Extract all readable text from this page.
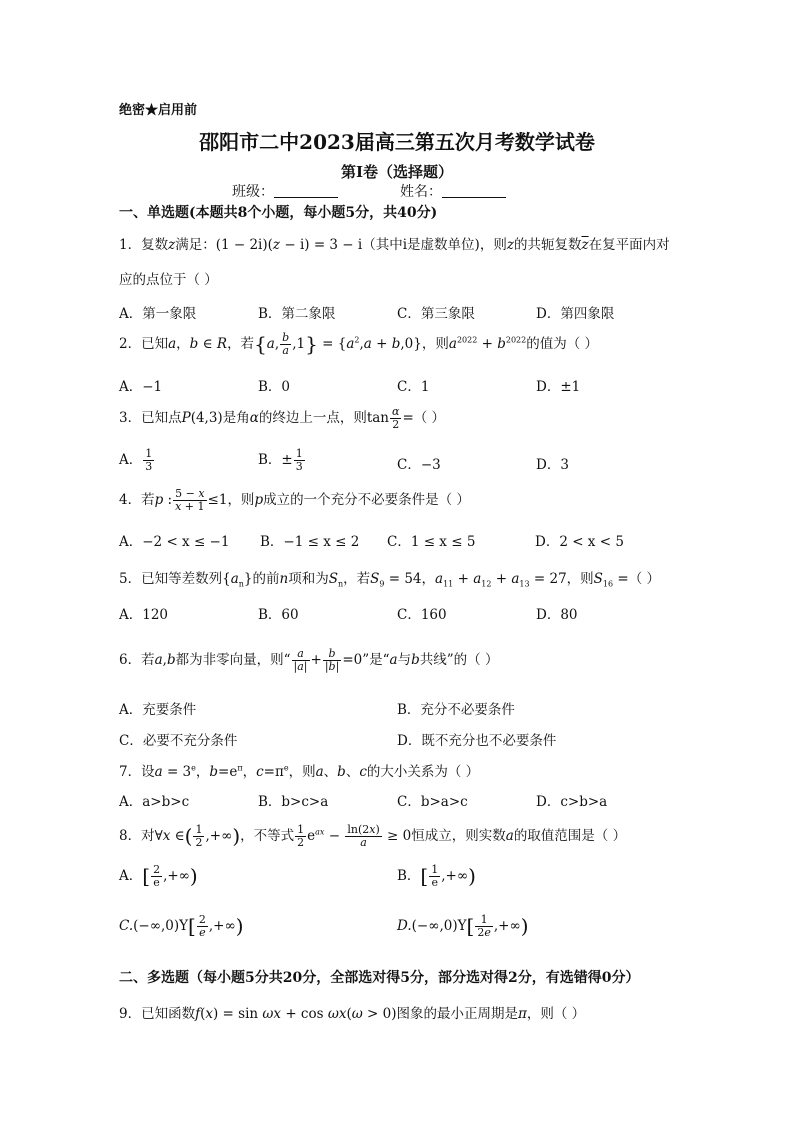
绝密★启用前
邵阳市二中2023届高三第五次月考数学试卷
第Ⅰ卷（选择题）
班级：	姓名：
一、单选题(本题共8个小题，每小题5分，共40分)
1．复数z满足：(1 − 2i)(z − i) = 3 − i（其中i是虚数单位)，则z的共轭复数$\overline{z}$在复平面内对
应的点位于（ ）
A．第一象限	B．第二象限	C．第三象限	D．第四象限
2．已知a，b ∈ R，若{a, $\frac{b}{a} ,1\} = \{a^2,a + b,0\}$，则$a^{2022} + b^{2022}$的值为（ ）
A．−1	B．0	C．1	D．±1
3．已知点P(4,3)是角α的终边上一点，则$\tan \frac{\alpha}{2}$ =（ ）
A． $\frac{1}{3}$	B．± $\frac{1}{3}$	C．−3	D．3
4．若p : $\frac{5 - x}{x + 1} \le 1$，则p成立的一个充分不必要条件是（ ）
A．−2 < x ≤ −1 B．−1 ≤ x ≤ 2 C．1 ≤ x ≤ 5	D．2 < x < 5
5．已知等差数列$\{a_n\}$的前n项和为$S_n$，若$S_9 = 54$，$a_{11} + a_{12} + a_{13} = 27$，则$S_{16}$ =（ ）
A．120	B．60	C．160	D．80
6．若a,b都为非零向量，则“ $\frac{a}{|a|} + \frac{b}{|b|} =0$”是“a与b共线”的（ ）
A．充要条件	B．充分不必要条件
C．必要不充分条件	D．既不充分也不必要条件
7．设$a = 3^e$，$b=e^\pi$，$c=\pi^e$，则a、b、c的大小关系为（ ）
A．a>b>c	B．b>c>a	C．b>a>c	D．c>b>a
8．对∀x ∈( $\frac{1}{2}$ ,+∞)，不等式 $\frac{1}{2} e^{ax} - \frac{\ln(2x)}{a} \ge 0$恒成立，则实数a的取值范围是（ ）
A．[ $\frac{2}{e}$ ,+∞)	B．[ $\frac{1}{e}$ ,+∞)
$C.(-\infty,0)Y[ \frac{2}{e}$ ,+∞)	$D.(-\infty,0)Y[ \frac{1}{2e}$ ,+∞)
二、多选题（每小题5分共20分，全部选对得5分，部分选对得2分，有选错得0分）
9．已知函数f(x) = sin ωx + cos ωx(ω > 0)图象的最小正周期是π，则（ ）
